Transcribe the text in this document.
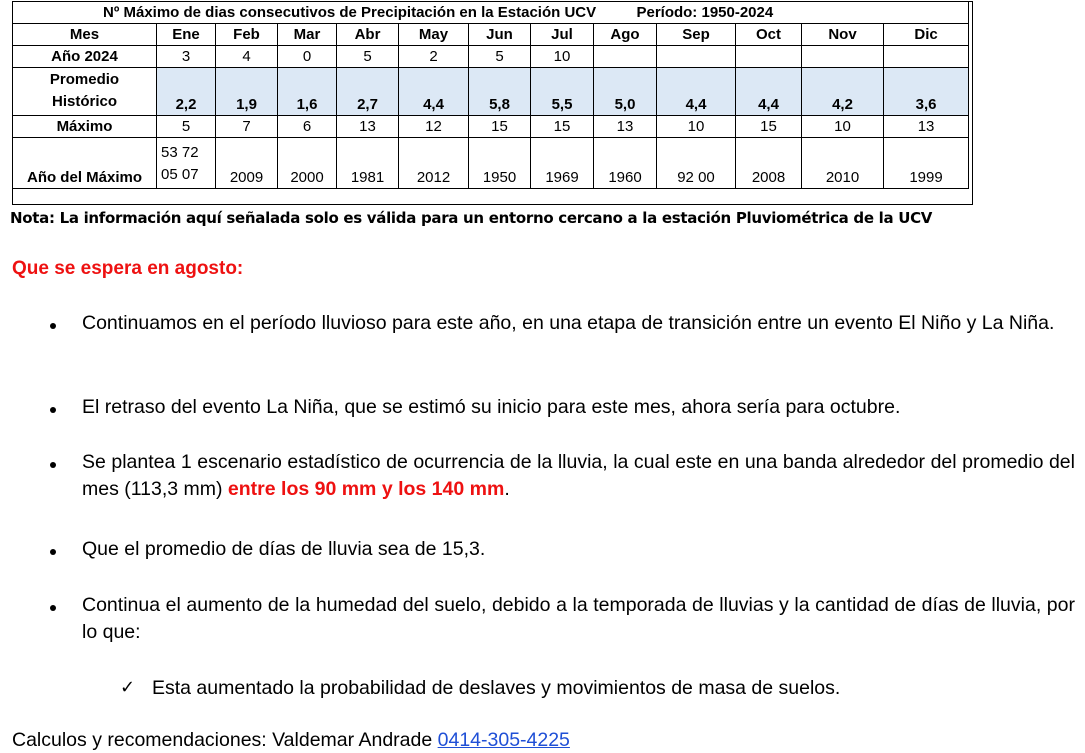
Nº Máximo de dias consecutivos de Precipitación en la Estación UCV Período: 1950-2024												
Mes	Ene	Feb	Mar	Abr	May	Jun	Jul	Ago	Sep	Oct	Nov	Dic
Año 2024	3	4	0	5	2	5	10					

Promedio
Histórico	2,2	1,9	1,6	2,7	4,4	5,8	5,5	5,0	4,4	4,4	4,2	3,6
Máximo	5	7	6	13	12	15	15	13	10	15	10	13
Año del Máximo	53 72 05 07	2009	2000	1981	2012	1950	1969	1960	92 00	2008	2010	1999
Nota: La información aquí señalada solo es válida para un entorno cercano a la estación Pluviométrica de la UCV
Que se espera en agosto:
Continuamos en el período lluvioso para este año, en una etapa de transición entre un evento El Niño y La Niña.
El retraso del evento La Niña, que se estimó su inicio para este mes, ahora sería para octubre.
Se plantea 1 escenario estadístico de ocurrencia de la lluvia, la cual este en una banda alrededor del promedio del mes (113,3 mm) entre los 90 mm y los 140 mm.
Que el promedio de días de lluvia sea de 15,3.
Continua el aumento de la humedad del suelo, debido a la temporada de lluvias y la cantidad de días de lluvia, por lo que:
✓ Esta aumentado la probabilidad de deslaves y movimientos de masa de suelos.
Calculos y recomendaciones: Valdemar Andrade 0414-305-4225
